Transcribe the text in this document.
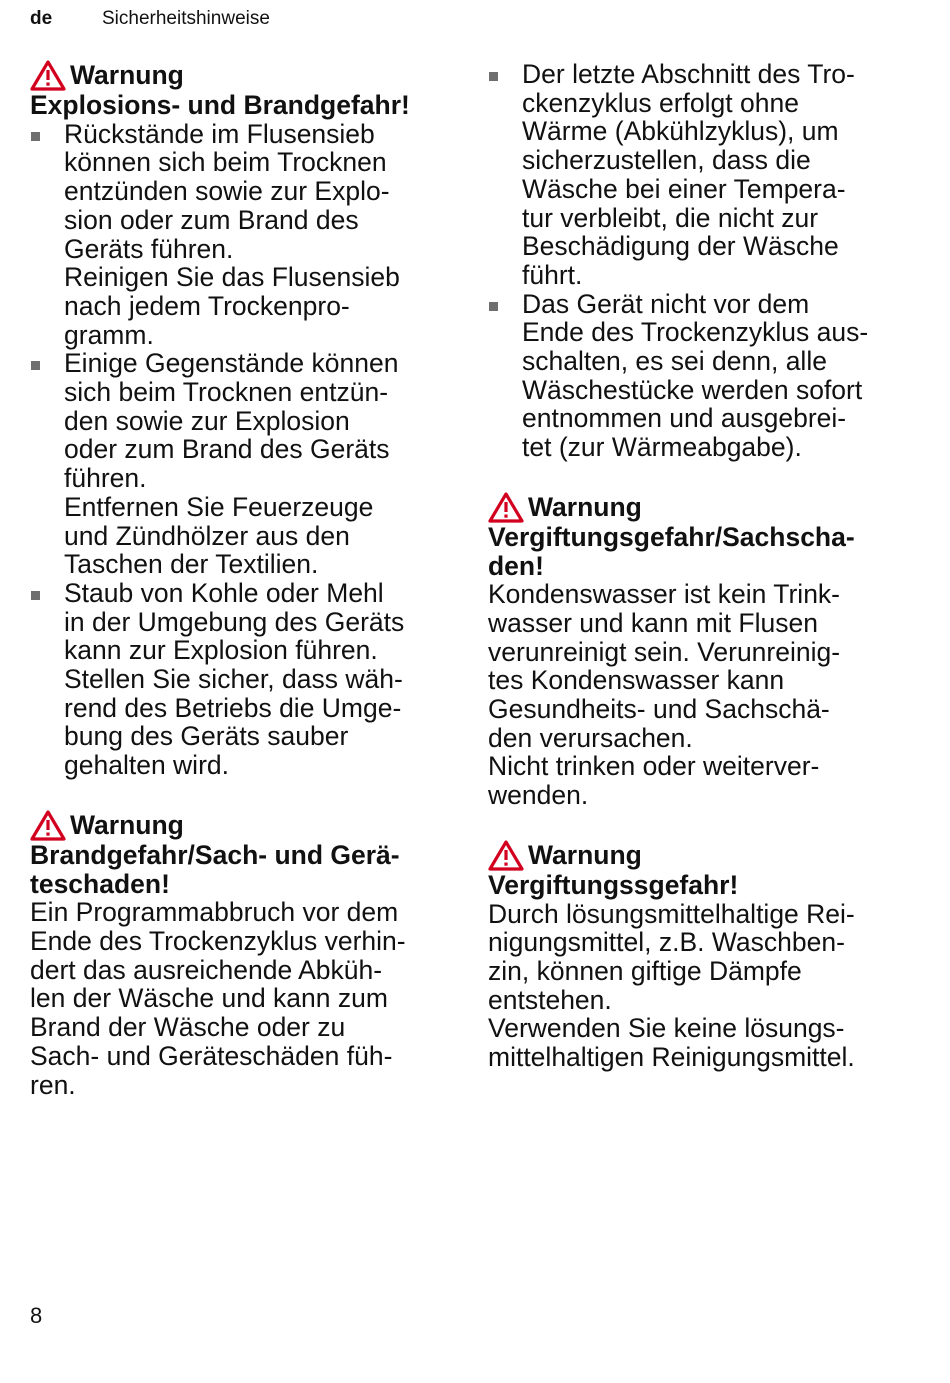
de	Sicherheitshinweise
Warnung
Explosions- und Brandgefahr!
Rückstände im Flusensieb
können sich beim Trocknen
entzünden sowie zur Explo-
sion oder zum Brand des
Geräts führen.
Reinigen Sie das Flusensieb
nach jedem Trockenpro-
gramm.
Einige Gegenstände können
sich beim Trocknen entzün-
den sowie zur Explosion
oder zum Brand des Geräts
führen.
Entfernen Sie Feuerzeuge
und Zündhölzer aus den
Taschen der Textilien.
Staub von Kohle oder Mehl
in der Umgebung des Geräts
kann zur Explosion führen.
Stellen Sie sicher, dass wäh-
rend des Betriebs die Umge-
bung des Geräts sauber
gehalten wird.
Warnung
Brandgefahr/Sach- und Gerä-
teschaden!
Ein Programmabbruch vor dem
Ende des Trockenzyklus verhin-
dert das ausreichende Abküh-
len der Wäsche und kann zum
Brand der Wäsche oder zu
Sach- und Geräteschäden füh-
ren.
Der letzte Abschnitt des Tro-
ckenzyklus erfolgt ohne
Wärme (Abkühlzyklus), um
sicherzustellen, dass die
Wäsche bei einer Tempera-
tur verbleibt, die nicht zur
Beschädigung der Wäsche
führt.
Das Gerät nicht vor dem
Ende des Trockenzyklus aus-
schalten, es sei denn, alle
Wäschestücke werden sofort
entnommen und ausgebrei-
tet (zur Wärmeabgabe).
Warnung
Vergiftungsgefahr/Sachscha-
den!
Kondenswasser ist kein Trink-
wasser und kann mit Flusen
verunreinigt sein. Verunreinig-
tes Kondenswasser kann
Gesundheits- und Sachschä-
den verursachen.
Nicht trinken oder weiterver-
wenden.
Warnung
Vergiftungssgefahr!
Durch lösungsmittelhaltige Rei-
nigungsmittel, z.B. Waschben-
zin, können giftige Dämpfe
entstehen.
Verwenden Sie keine lösungs-
mittelhaltigen Reinigungsmittel.
8
